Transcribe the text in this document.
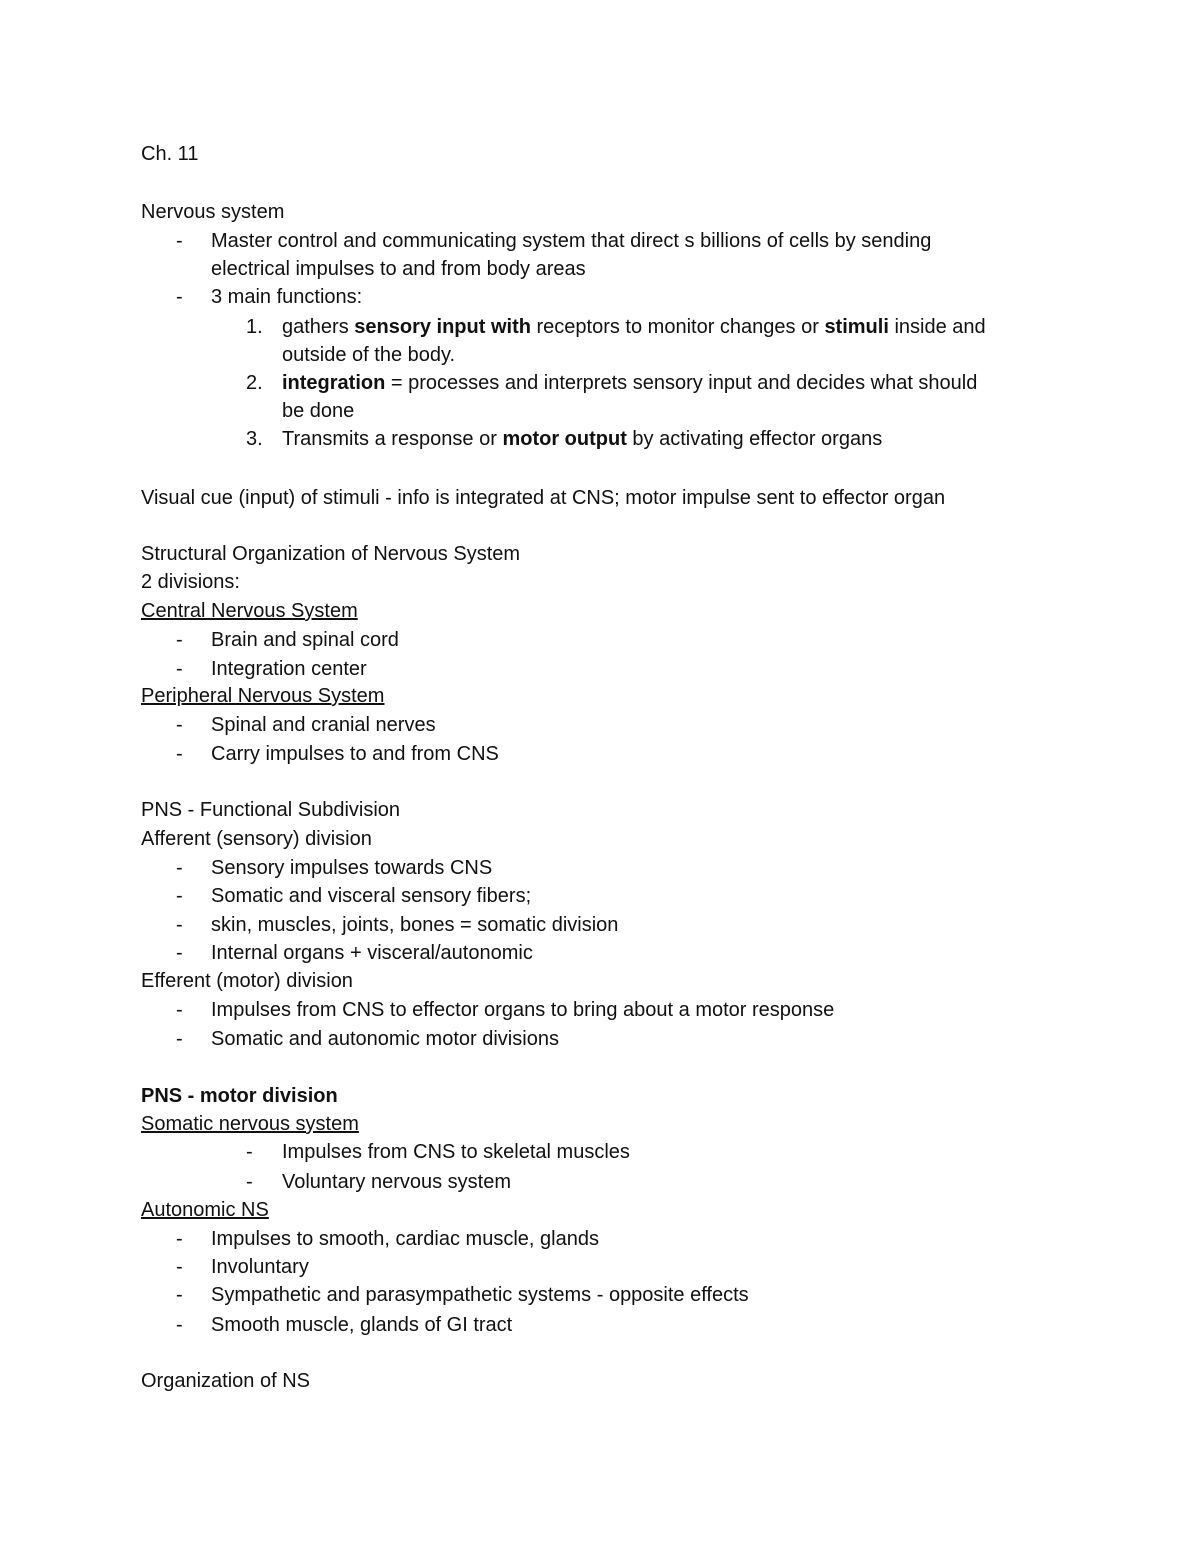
Ch. 11
Nervous system
- Master control and communicating system that direct s billions of cells by sending
electrical impulses to and from body areas
- 3 main functions:
1. gathers sensory input with receptors to monitor changes or stimuli inside and
outside of the body.
2. integration = processes and interprets sensory input and decides what should
be done
3. Transmits a response or motor output by activating effector organs
Visual cue (input) of stimuli - info is integrated at CNS; motor impulse sent to effector organ
Structural Organization of Nervous System
2 divisions:
Central Nervous System
- Brain and spinal cord
- Integration center
Peripheral Nervous System
- Spinal and cranial nerves
- Carry impulses to and from CNS
PNS - Functional Subdivision
Afferent (sensory) division
- Sensory impulses towards CNS
- Somatic and visceral sensory fibers;
- skin, muscles, joints, bones = somatic division
- Internal organs + visceral/autonomic
Efferent (motor) division
- Impulses from CNS to effector organs to bring about a motor response
- Somatic and autonomic motor divisions
PNS - motor division
Somatic nervous system
- Impulses from CNS to skeletal muscles
- Voluntary nervous system
Autonomic NS
- Impulses to smooth, cardiac muscle, glands
- Involuntary
- Sympathetic and parasympathetic systems - opposite effects
- Smooth muscle, glands of GI tract
Organization of NS
